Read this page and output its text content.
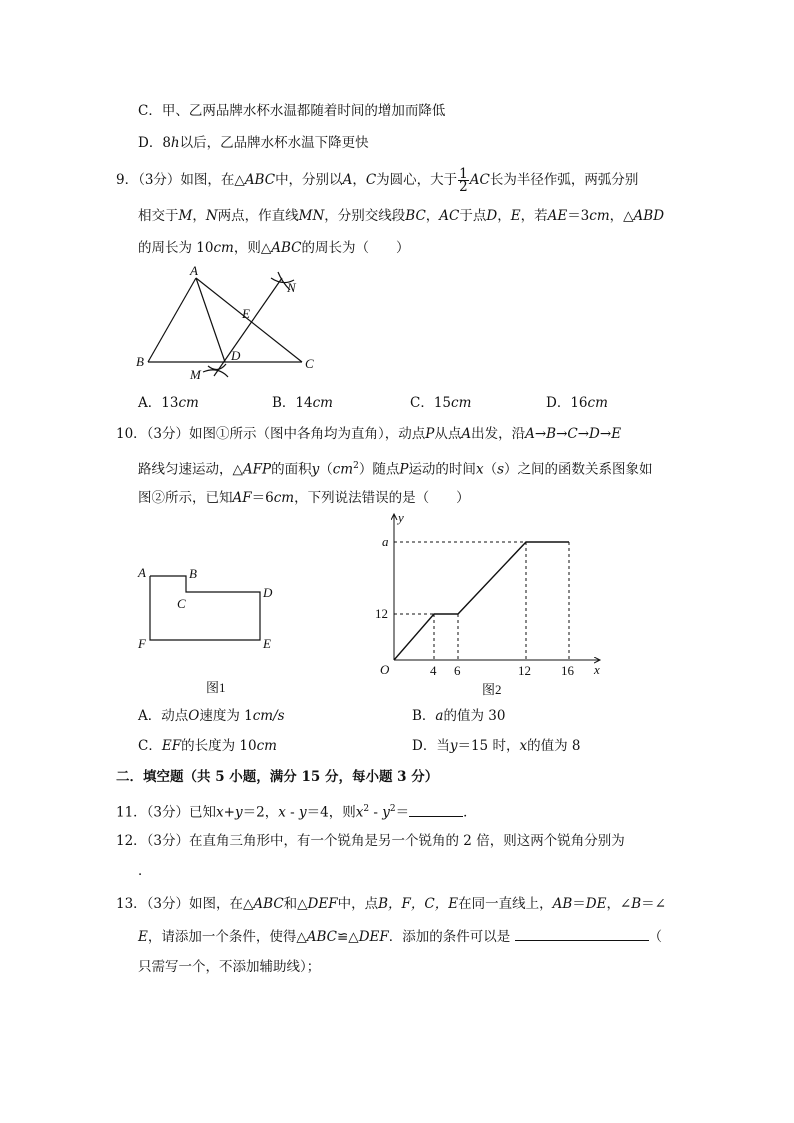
C．甲、乙两品牌水杯水温都随着时间的增加而降低
D．8h以后，乙品牌水杯水温下降更快
9．（3分）如图，在△ABC中，分别以A，C为圆心，大于 $\frac{1}{2}$ AC长为半径作弧，两弧分别
相交于M，N两点，作直线MN，分别交线段BC，AC于点D，E，若AE＝3cm，△ABD
的周长为 10cm，则△ABC的周长为（　　）
A
B	C
D
E
M
N
A．13cm	B．14cm	C．15cm	D．16cm
10．（3分）如图①所示（图中各角均为直角），动点P从点A出发，沿A→B→C→D→E
路线匀速运动，△AFP的面积$y(cm^2)$随点P运动的时间x（s）之间的函数关系图象如
图②所示，已知AF＝6cm，下列说法错误的是（　　）
A	B
C
D
E
F
图1
y
x
O
a
12
4 6	12 16
图2
A．动点O速度为 1cm/s	B．a的值为 30
C．EF的长度为 10cm	D．当y＝15 时，x的值为 8
二．填空题（共 5 小题，满分 15 分，每小题 3 分）
11．（3分）已知x+y＝2，x - y＝4，则$x^2 - y^2=$	．
12．（3分）在直角三角形中，有一个锐角是另一个锐角的 2 倍，则这两个锐角分别为
．
13．（3分）如图，在△ABC和△DEF中，点B，F，C，E在同一直线上，AB＝DE，∠B＝∠
E，请添加一个条件，使得△ABC≌△DEF．添加的条件可以是	（
只需写一个，不添加辅助线）；
